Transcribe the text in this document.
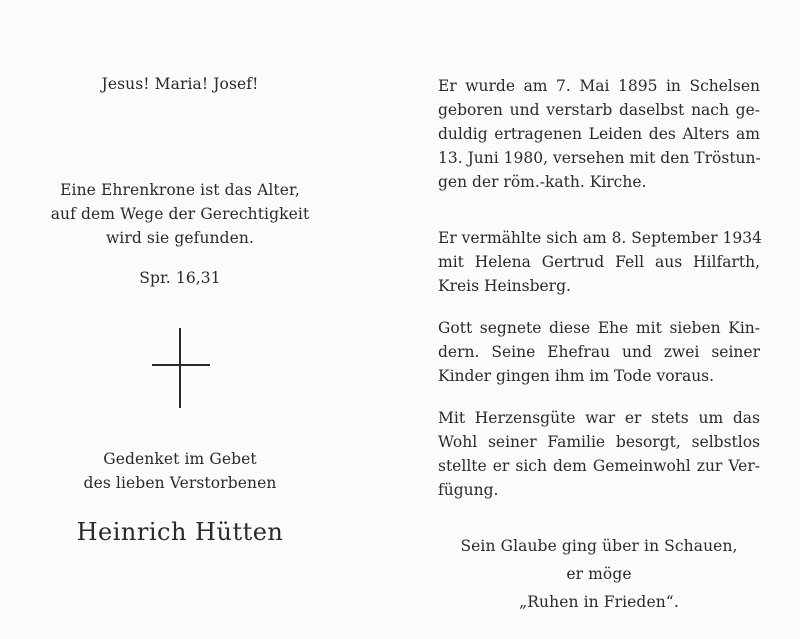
Jesus! Maria! Josef!
Eine Ehrenkrone ist das Alter,
auf dem Wege der Gerechtigkeit
wird sie gefunden.
Spr. 16,31
Gedenket im Gebet
des lieben Verstorbenen
Heinrich Hütten
Er wurde am 7. Mai 1895 in Schelsen
geboren und verstarb daselbst nach ge-
duldig ertragenen Leiden des Alters am
13. Juni 1980, versehen mit den Tröstun-
gen der röm.-kath. Kirche.
Er vermählte sich am 8. September 1934
mit Helena Gertrud Fell aus Hilfarth,
Kreis Heinsberg.
Gott segnete diese Ehe mit sieben Kin-
dern. Seine Ehefrau und zwei seiner
Kinder gingen ihm im Tode voraus.
Mit Herzensgüte war er stets um das
Wohl seiner Familie besorgt, selbstlos
stellte er sich dem Gemeinwohl zur Ver-
fügung.
Sein Glaube ging über in Schauen,
er möge
„Ruhen in Frieden“.
